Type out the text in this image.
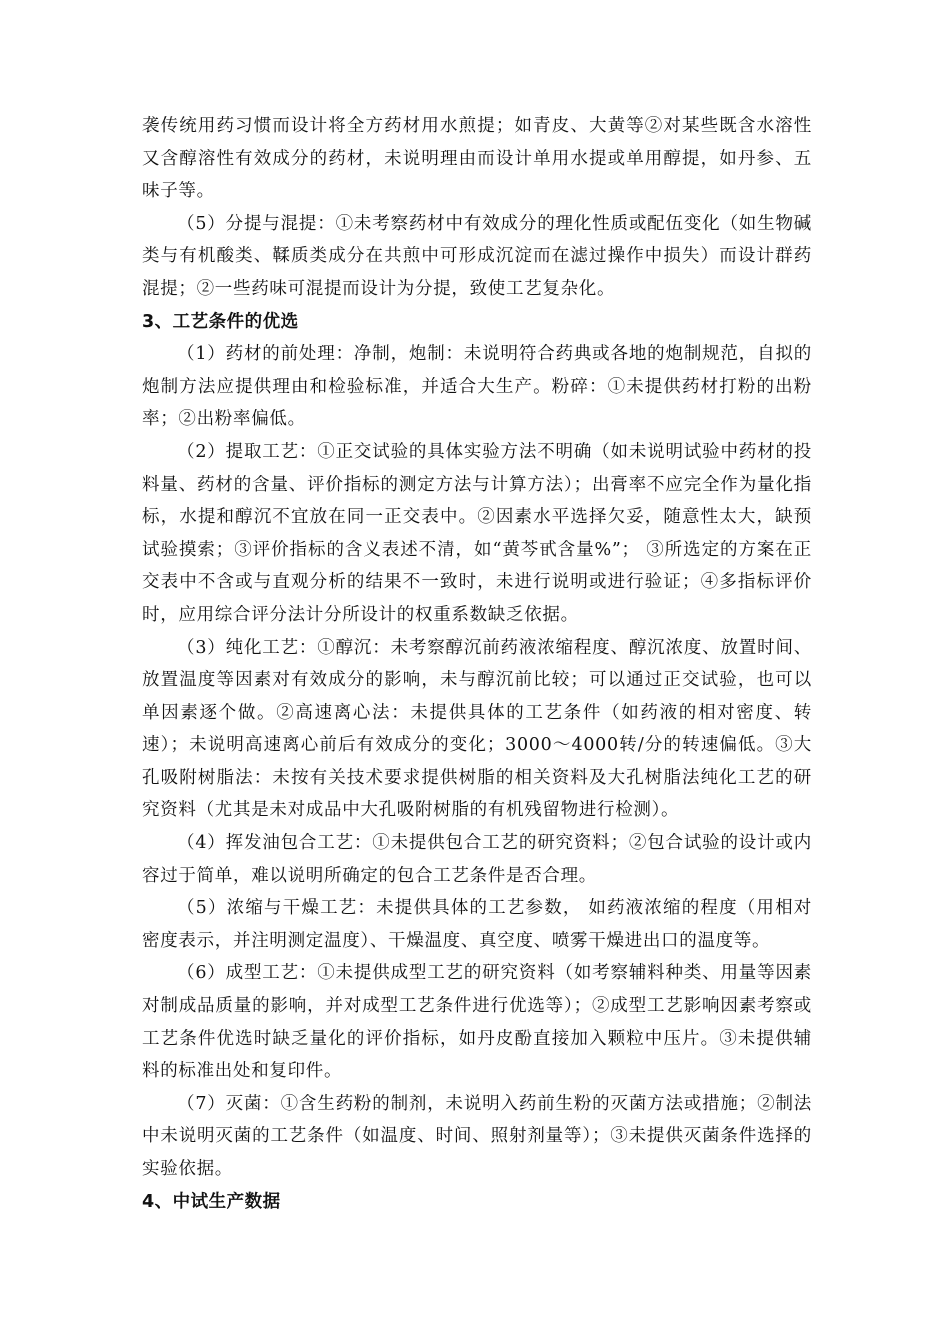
袭传统用药习惯而设计将全方药材用水煎提；如青皮、大黄等②对某些既含水溶性又含醇溶性有效成分的药材，未说明理由而设计单用水提或单用醇提，如丹参、五味子等。

（5）分提与混提：①未考察药材中有效成分的理化性质或配伍变化（如生物碱类与有机酸类、鞣质类成分在共煎中可形成沉淀而在滤过操作中损失）而设计群药混提；②一些药味可混提而设计为分提，致使工艺复杂化。

3、工艺条件的优选

（1）药材的前处理：净制，炮制：未说明符合药典或各地的炮制规范，自拟的炮制方法应提供理由和检验标准，并适合大生产。粉碎：①未提供药材打粉的出粉率；②出粉率偏低。

（2）提取工艺：①正交试验的具体实验方法不明确（如未说明试验中药材的投料量、药材的含量、评价指标的测定方法与计算方法）；出膏率不应完全作为量化指标，水提和醇沉不宜放在同一正交表中。②因素水平选择欠妥，随意性太大，缺预试验摸索；③评价指标的含义表述不清，如“黄芩甙含量%”； ③所选定的方案在正交表中不含或与直观分析的结果不一致时，未进行说明或进行验证；④多指标评价时，应用综合评分法计分所设计的权重系数缺乏依据。

（3）纯化工艺：①醇沉：未考察醇沉前药液浓缩程度、醇沉浓度、放置时间、放置温度等因素对有效成分的影响，未与醇沉前比较；可以通过正交试验，也可以单因素逐个做。②高速离心法：未提供具体的工艺条件（如药液的相对密度、转速）；未说明高速离心前后有效成分的变化；3000～4000转/分的转速偏低。③大孔吸附树脂法：未按有关技术要求提供树脂的相关资料及大孔树脂法纯化工艺的研究资料（尤其是未对成品中大孔吸附树脂的有机残留物进行检测）。

（4）挥发油包合工艺：①未提供包合工艺的研究资料；②包合试验的设计或内容过于简单，难以说明所确定的包合工艺条件是否合理。

（5）浓缩与干燥工艺：未提供具体的工艺参数， 如药液浓缩的程度（用相对密度表示，并注明测定温度）、干燥温度、真空度、喷雾干燥进出口的温度等。

（6）成型工艺：①未提供成型工艺的研究资料（如考察辅料种类、用量等因素对制成品质量的影响，并对成型工艺条件进行优选等）；②成型工艺影响因素考察或工艺条件优选时缺乏量化的评价指标，如丹皮酚直接加入颗粒中压片。③未提供辅料的标准出处和复印件。

（7）灭菌：①含生药粉的制剂，未说明入药前生粉的灭菌方法或措施；②制法中未说明灭菌的工艺条件（如温度、时间、照射剂量等）；③未提供灭菌条件选择的实验依据。

4、中试生产数据
